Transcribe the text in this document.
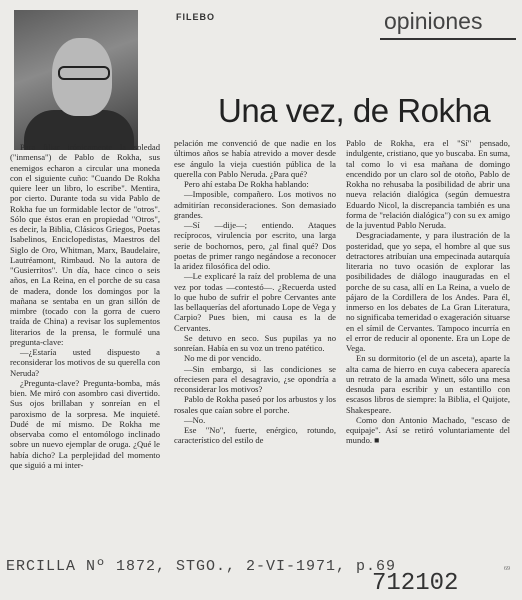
FILEBO	opiniones
Una vez, de Rokha

Para filiar irónicamente la soledad ("inmensa") de Pablo de Rokha, sus enemigos echaron a circular una moneda con el siguiente cuño: "Cuando De Rokha quiere leer un libro, lo escribe". Mentira, por cierto. Durante toda su vida Pablo de Rokha fue un formidable lector de "otros". Sólo que éstos eran en propiedad "Otros", es decir, la Biblia, Clásicos Griegos, Poetas Isabelinos, Enciclopedistas, Maestros del Siglo de Oro, Whitman, Marx, Baudelaire, Lautréamont, Rimbaud. No la autora de "Gusierritos". Un día, hace cinco o seis años, en La Reina, en el porche de su casa de madera, donde los domingos por la mañana se sentaba en un gran sillón de mimbre (tocado con la gorra de cuero traída de China) a revisar los suplementos literarios de la prensa, le formulé una pregunta-clave:

—¿Estaría usted dispuesto a reconsiderar los motivos de su querella con Neruda?

¿Pregunta-clave? Pregunta-bomba, más bien. Me miró con asombro casi divertido. Sus ojos brillaban y sonreían en el paroxismo de la sorpresa. Me inquieté. Dudé de mí mismo. De Rokha me observaba como el entomólogo inclinado sobre un nuevo ejemplar de oruga. ¿Qué le había dicho? La perplejidad del momento que siguió a mi inter-

pelación me convenció de que nadie en los últimos años se había atrevido a mover desde ese ángulo la vieja cuestión pública de la querella con Pablo Neruda. ¿Para qué?

Pero ahí estaba De Rokha hablando:

—Imposible, compañero. Los motivos no admitirían reconsideraciones. Son demasiado grandes.

—Sí —dije—; entiendo. Ataques recíprocos, virulencia por escrito, una larga serie de bochornos, pero, ¿al final qué? Dos poetas de primer rango negándose a reconocer la aridez filosófica del odio.

—Le explicaré la raíz del problema de una vez por todas —contestó—. ¿Recuerda usted lo que hubo de sufrir el pobre Cervantes ante las bellaquerías del afortunado Lope de Vega y Carpio? Pues bien, mi causa es la de Cervantes.

Se detuvo en seco. Sus pupilas ya no sonreían. Había en su voz un treno patético.

No me di por vencido.

—Sin embargo, si las condiciones se ofreciesen para el desagravio, ¿se opondría a reconsiderar los motivos?

Pablo de Rokha paseó por los arbustos y los rosales que caían sobre el porche.

—No.

Ese "No", fuerte, enérgico, rotundo, característico del estilo de

Pablo de Rokha, era el "Sí" pensado, indulgente, cristiano, que yo buscaba. En suma, tal como lo vi esa mañana de domingo encendido por un claro sol de otoño, Pablo de Rokha no rehusaba la posibilidad de abrir una nueva relación dialógica (según demuestra Eduardo Nicol, la discrepancia también es una forma de "relación dialógica") con su ex amigo de la juventud Pablo Neruda.

Desgraciadamente, y para ilustración de la posteridad, que yo sepa, el hombre al que sus detractores atribuían una empecinada autarquía literaria no tuvo ocasión de explorar las posibilidades de diálogo inauguradas en el porche de su casa, allí en La Reina, a vuelo de pájaro de la Cordillera de los Andes. Para él, inmerso en los debates de La Gran Literatura, no significaba temeridad o exageración situarse en el símil de Cervantes. Tampoco incurría en el error de reducir al oponente. Era un Lope de Vega.

En su dormitorio (el de un asceta), aparte la alta cama de hierro en cuya cabecera aparecía un retrato de la amada Winett, sólo una mesa desnuda para escribir y un estantillo con escasos libros de siempre: la Biblia, el Quijote, Shakespeare.

Como don Antonio Machado, "escaso de equipaje". Así se retiró voluntariamente del mundo. ■

ERCILLA Nº 1872, STGO., 2-VI-1971, p.69
712102
69
